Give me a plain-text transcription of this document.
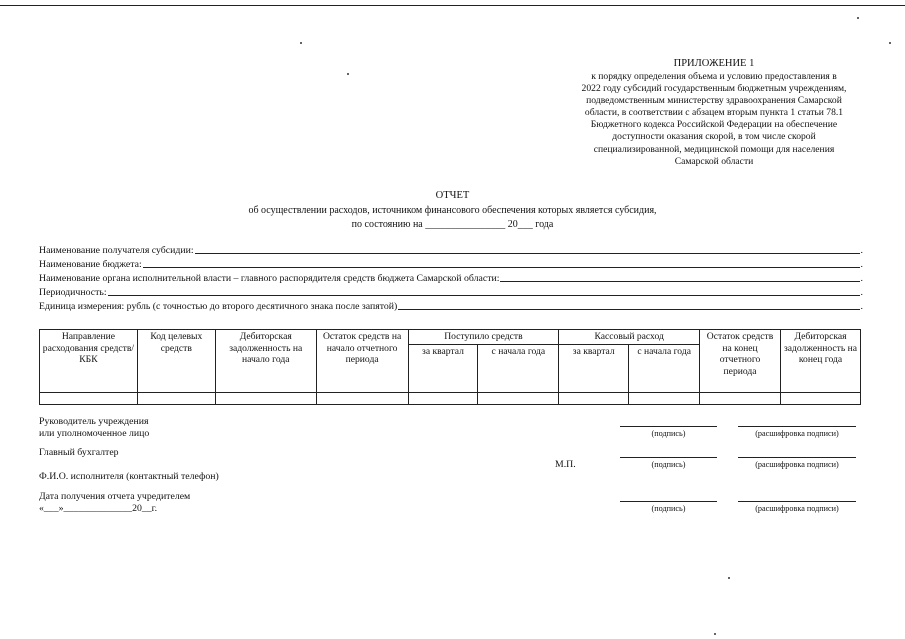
ПРИЛОЖЕНИЕ 1
к порядку определения объема и условию предоставления в
2022 году субсидий государственным бюджетным учреждениям,
подведомственным министерству здравоохранения Самарской
области, в соответствии с абзацем вторым пункта 1 статьи 78.1
Бюджетного кодекса Российской Федерации на обеспечение
доступности оказания скорой, в том числе скорой
специализированной, медицинской помощи для населения
Самарской области
ОТЧЕТ
об осуществлении расходов, источником финансового обеспечения которых является субсидия,
по состоянию на ________________ 20___ года
Наименование получателя субсидии:	.
Наименование бюджета:	.
Наименование органа исполнительной власти – главного распорядителя средств бюджета Самарской области:	.
Периодичность:	.
Единица измерения: рубль (с точностью до второго десятичного знака после запятой)	.
Направление расходования средств/КБК	Код целевых средств	Дебиторская задолженность на начало года	Остаток средств на начало отчетного периода	Поступило средств		Кассовый расход		Остаток средств на конец отчетного периода	Дебиторская задолженность на конец года
				за квартал	с начала года	за квартал	с начала года		

Руководитель учреждения
или уполномоченное лицо
Главный бухгалтер
Ф.И.О. исполнителя (контактный телефон)
Дата получения отчета учредителем
«___»______________20__г.
М.П.
(подпись)	(расшифровка подписи)
(подпись)	(расшифровка подписи)
(подпись)	(расшифровка подписи)
